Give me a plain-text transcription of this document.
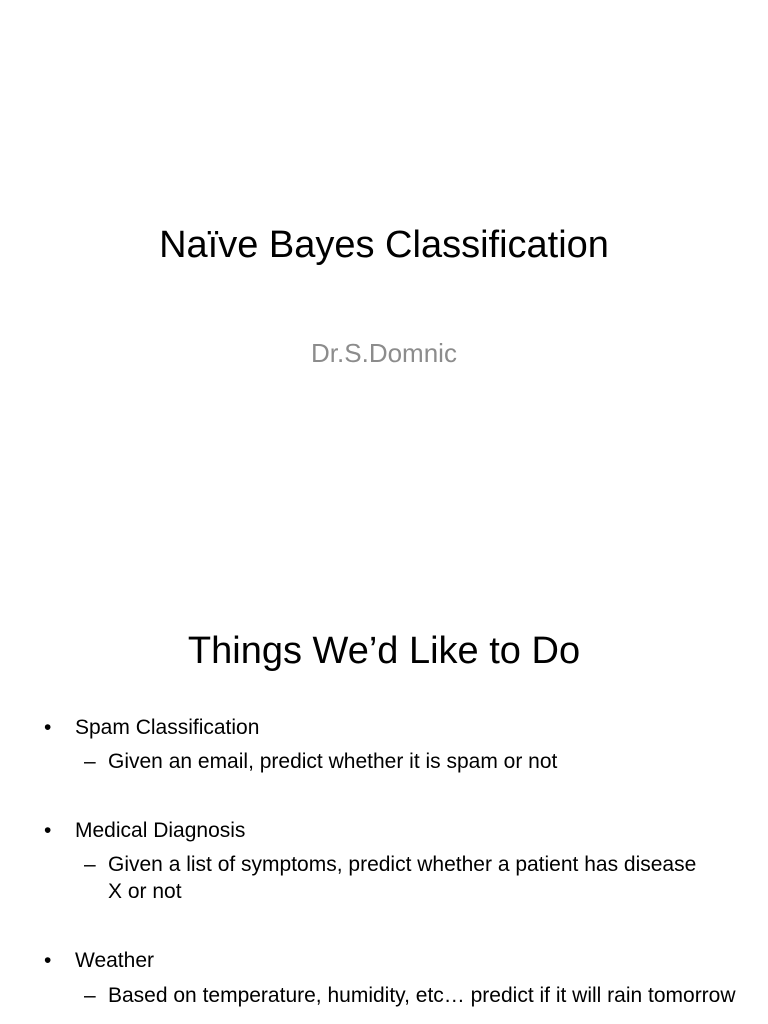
Naïve Bayes Classification
Dr.S.Domnic
Things We’d Like to Do
•	Spam Classification
– Given an email, predict whether it is spam or not
•	Medical Diagnosis
– Given a list of symptoms, predict whether a patient has disease X or not
•	Weather
– Based on temperature, humidity, etc… predict if it will rain tomorrow
